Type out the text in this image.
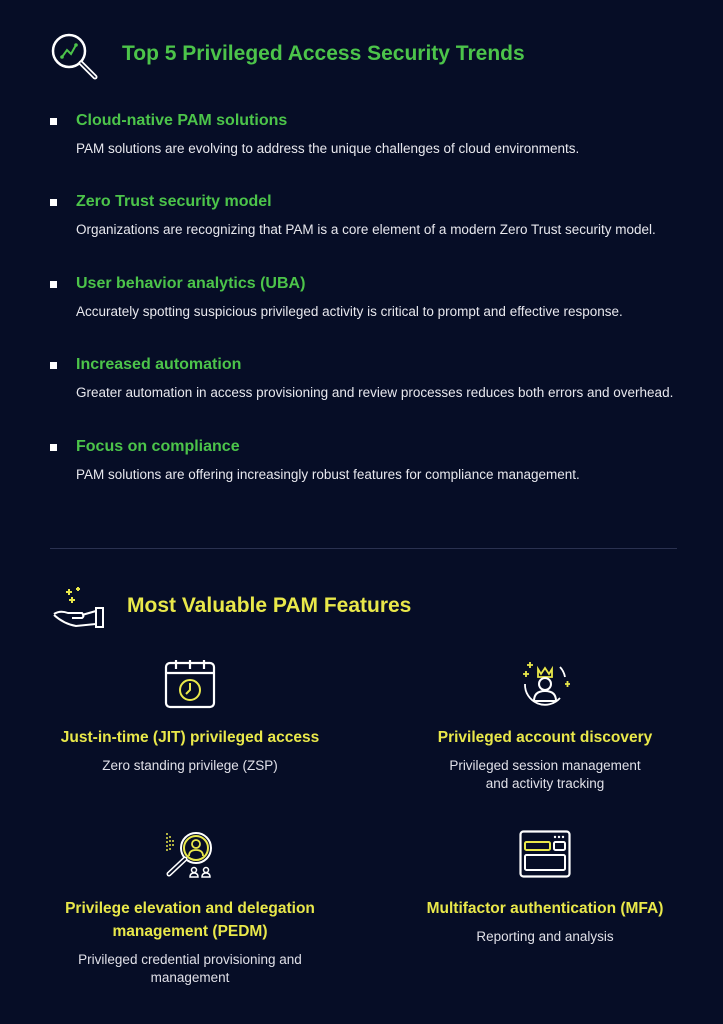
Top 5 Privileged Access Security Trends
Cloud-native PAM solutions
PAM solutions are evolving to address the unique challenges of cloud environments.
Zero Trust security model
Organizations are recognizing that PAM is a core element of a modern Zero Trust security model.
User behavior analytics (UBA)
Accurately spotting suspicious privileged activity is critical to prompt and effective response.
Increased automation
Greater automation in access provisioning and review processes reduces both errors and overhead.
Focus on compliance
PAM solutions are offering increasingly robust features for compliance management.
Most Valuable PAM Features
Just-in-time (JIT) privileged access
Zero standing privilege (ZSP)
Privileged account discovery
Privileged session management and activity tracking
Privilege elevation and delegation management (PEDM)
Privileged credential provisioning and management
Multifactor authentication (MFA)
Reporting and analysis
